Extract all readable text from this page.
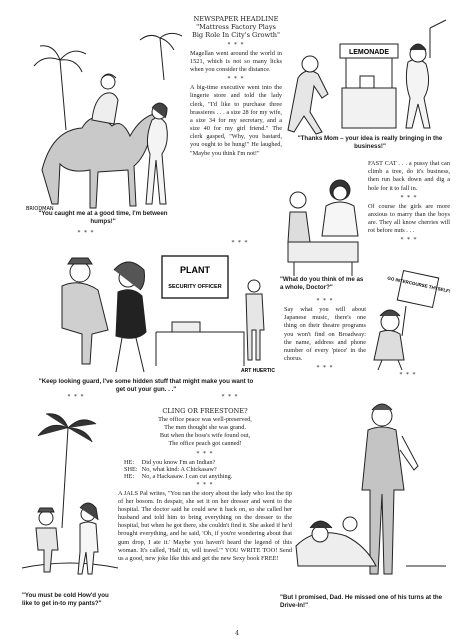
BRIODMAN
"You caught me at a good time, I'm between humps!"
* * *
NEWSPAPER HEADLINE
"Mattress Factory Plays Big Role In City's Growth"
* * *
Magellan went around the world in 1521, which is not so many licks when you consider the distance.
* * *
A big-time executive went into the lingerie store and told the lady clerk, "I'd like to purchase three brassieres . . . a size 28 for my wife, a size 34 for my secretary, and a size 40 for my girl friend." The clerk gasped, "Why, you bastard, you ought to be hung!" He laughed, "Maybe you think I'm not!"
* * *
LEMONADE
"Thanks Mom – your idea is really bringing in the business!"
"What do you think of me as a whole, Doctor?"
FAST CAT . . . a pussy that can climb a tree, do it's business, then run back down and dig a hole for it to fall in.
* * *
Of course the girls are more anxious to marry than the boys are. They all know cherries will rot before nuts . . .
* * *
PLANT
SECURITY OFFICER
ART HUERTIC
"Keep looking guard, I've some hidden stuff that might make you want to get out your gun. . ."
* * *	* * *
* * *
Say what you will about Japanese music, there's one thing on their theatre programs you won't find on Broadway: the name, address and phone number of every 'piece' in the chorus.
* * *
GO INTERCOURSE THYSELF!
* * *
CLING OR FREESTONE?
The office peace was well-preserved,
The men thought she was grand.
But when the boss's wife found out,
The office peach got canned!
* * *
HE:	Did you know I'm an Indian?
SHE:	No, what kind: A Chickasaw?
HE:	No, a Hackasaw. I can cut anything.
* * *
A JALS Pal writes, "You ran the story about the lady who lost the tip of her bosom. In despair, she set it on her dresser and went to the hospital. The doctor said he could sew it back on, so she called her husband and told him to bring everything on the dresser to the hospital, but when he got there, she couldn't find it. She asked if he'd brought everything, and he said, 'Oh, if you're wondering about that gum drop, I ate it.' Maybe you haven't heard the legend of this woman. It's called, 'Half tit, will travel.'" YOU WRITE TOO! Send us a good, new joke like this and get the new Sexy book FREE!
"You must be cold How'd you like to get in-to my pants?"
"But I promised, Dad. He missed one of his turns at the Drive-In!"
4
